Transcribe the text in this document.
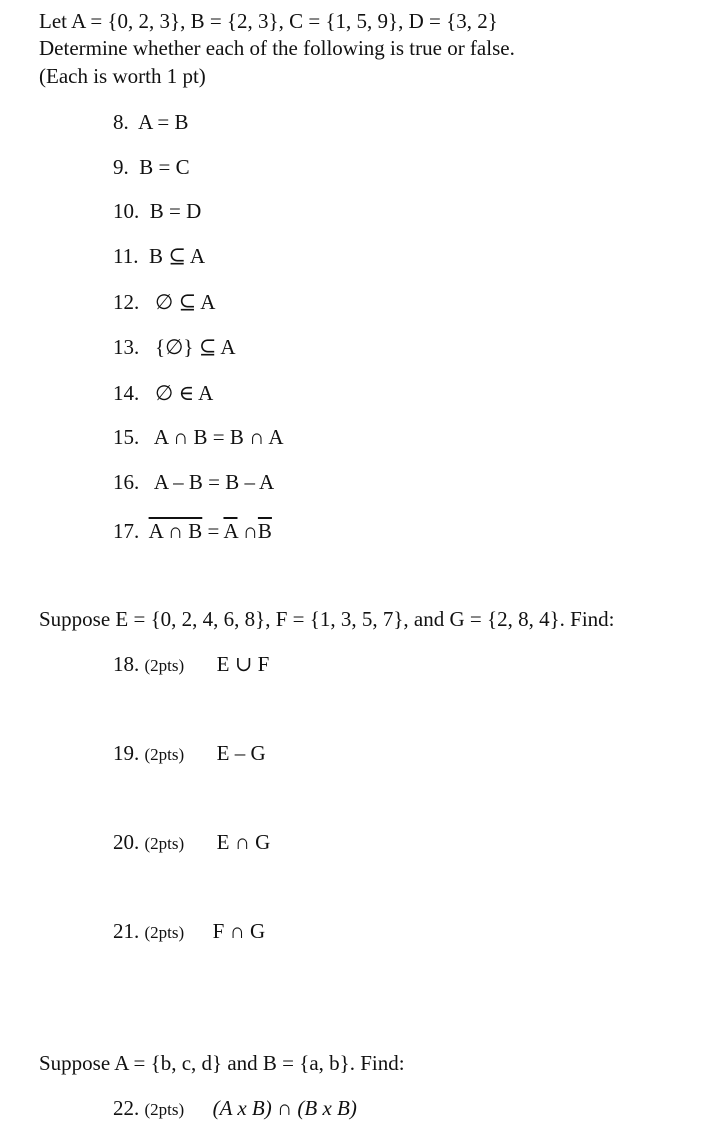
Let A = {0, 2, 3}, B = {2, 3}, C = {1, 5, 9}, D = {3, 2}
Determine whether each of the following is true or false.
(Each is worth 1 pt)
8. A = B
9. B = C
10. B = D
11. B ⊆ A
12. ∅ ⊆ A
13. {∅} ⊆ A
14. ∅ ∈ A
15. A ∩ B = B ∩ A
16. A – B = B – A
17. A ∩ $B = \overline{A}$ $\cap\overline{B}$
Suppose E = {0, 2, 4, 6, 8}, F = {1, 3, 5, 7}, and G = {2, 8, 4}. Find:
18. (2pts) E ∪ F
19. (2pts) E – G
20. (2pts) E ∩ G
21. (2pts) F ∩ G
Suppose A = {b, c, d} and B = {a, b}. Find:
22. (2pts) (A x B) ∩ (B x B)
